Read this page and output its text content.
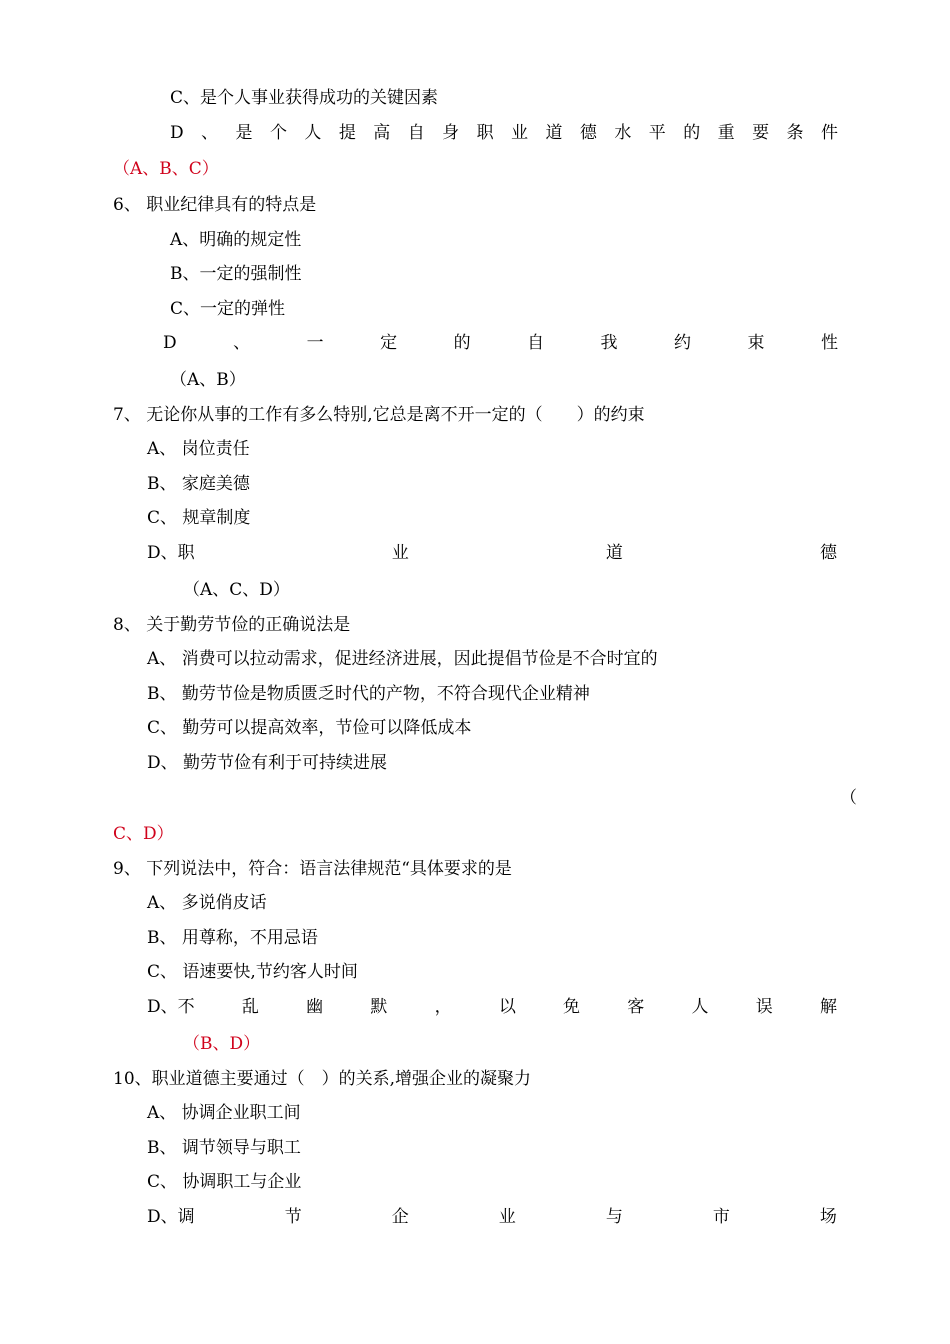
C、是个人事业获得成功的关键因素
D 、 是 个 人 提 高 自 身 职 业 道 德 水 平 的 重 要 条 件
（A、B、C）
6、 职业纪律具有的特点是
A、明确的规定性
B、一定的强制性
C、一定的弹性
D	、	一	定	的	自	我	约	束	性
（A、B）
7、 无论你从事的工作有多么特别,它总是离不开一定的（　　）的约束
A、 岗位责任
B、 家庭美德
C、 规章制度
D、职	业	道	德
（A、C、D）
8、 关于勤劳节俭的正确说法是
A、 消费可以拉动需求，促进经济进展，因此提倡节俭是不合时宜的
B、 勤劳节俭是物质匮乏时代的产物，不符合现代企业精神
C、 勤劳可以提高效率，节俭可以降低成本
D、 勤劳节俭有利于可持续进展
（
C、D）
9、 下列说法中，符合：语言法律规范“具体要求的是
A、 多说俏皮话
B、 用尊称，不用忌语
C、 语速要快,节约客人时间
D、不	乱	幽	默	，	以	免	客	人	误	解
（B、D）
10、职业道德主要通过（　）的关系,增强企业的凝聚力
A、 协调企业职工间
B、 调节领导与职工
C、 协调职工与企业
D、调	节	企	业	与	市	场
